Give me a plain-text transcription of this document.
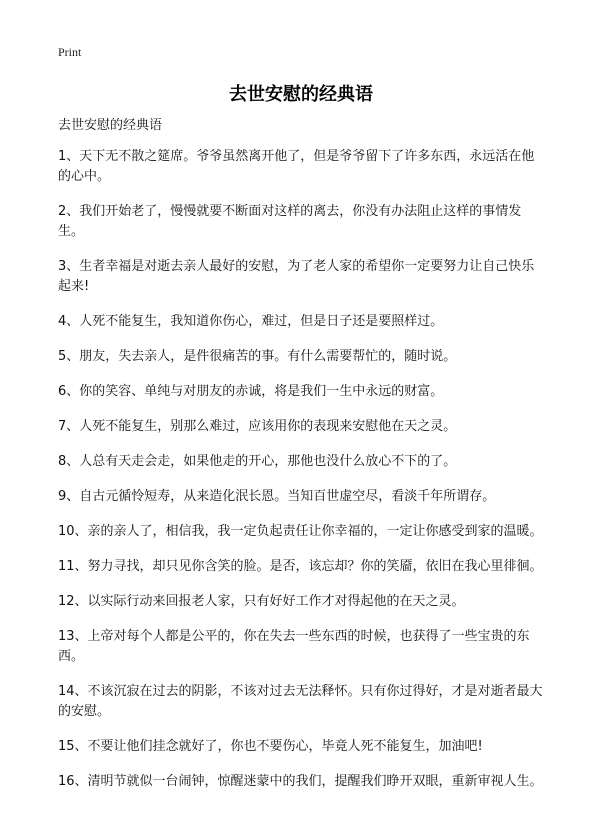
Print
去世安慰的经典语
去世安慰的经典语
1、天下无不散之筵席。爷爷虽然离开他了，但是爷爷留下了许多东西，永远活在他的心中。
2、我们开始老了，慢慢就要不断面对这样的离去，你没有办法阻止这样的事情发生。
3、生者幸福是对逝去亲人最好的安慰，为了老人家的希望你一定要努力让自己快乐起来!
4、人死不能复生，我知道你伤心，难过，但是日子还是要照样过。
5、朋友，失去亲人，是件很痛苦的事。有什么需要帮忙的，随时说。
6、你的笑容、单纯与对朋友的赤诚，将是我们一生中永远的财富。
7、人死不能复生，别那么难过，应该用你的表现来安慰他在天之灵。
8、人总有天走会走，如果他走的开心，那他也没什么放心不下的了。
9、自古元循怜短寿，从来造化泯长恩。当知百世虚空尽，看淡千年所谓存。
10、亲的亲人了，相信我，我一定负起责任让你幸福的，一定让你感受到家的温暖。
11、努力寻找，却只见你含笑的脸。是否，该忘却？你的笑靥，依旧在我心里徘徊。
12、以实际行动来回报老人家，只有好好工作才对得起他的在天之灵。
13、上帝对每个人都是公平的，你在失去一些东西的时候，也获得了一些宝贵的东西。
14、不该沉寂在过去的阴影，不该对过去无法释怀。只有你过得好，才是对逝者最大的安慰。
15、不要让他们挂念就好了，你也不要伤心，毕竟人死不能复生，加油吧!
16、清明节就似一台闹钟，惊醒迷蒙中的我们，提醒我们睁开双眼，重新审视人生。
